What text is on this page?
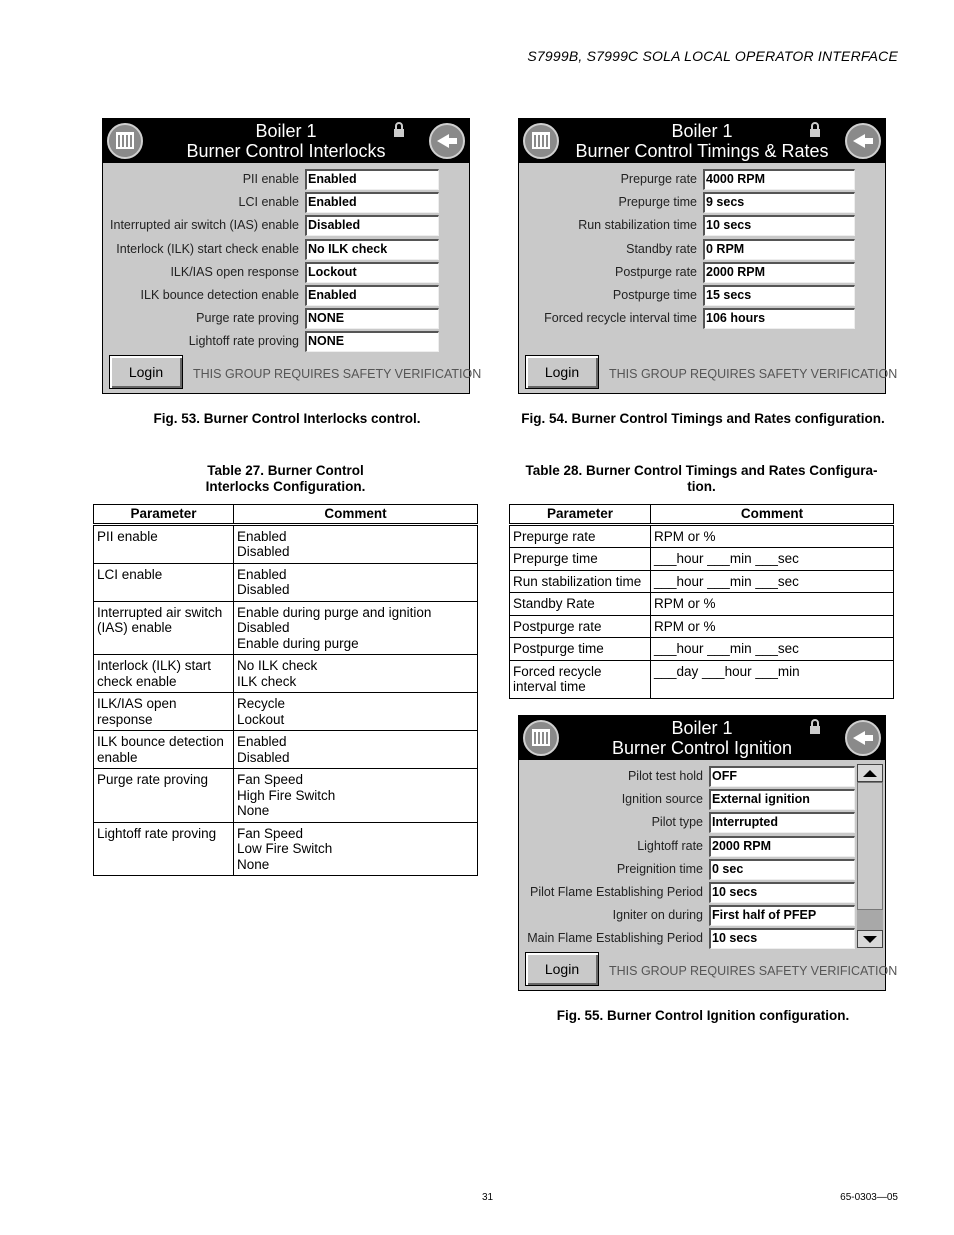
S7999B, S7999C SOLA LOCAL OPERATOR INTERFACE
Boiler 1
Burner Control Interlocks
PII enable Enabled
LCI enable Enabled
Interrupted air switch (IAS) enable Disabled
Interlock (ILK) start check enable No ILK check
ILK/IAS open response Lockout
ILK bounce detection enable Enabled
Purge rate proving NONE
Lightoff rate proving NONE
Login	THIS GROUP REQUIRES SAFETY VERIFICATION
Fig. 53. Burner Control Interlocks control.
Boiler 1
Burner Control Timings & Rates
Prepurge rate 4000 RPM
Prepurge time 9 secs
Run stabilization time 10 secs
Standby rate 0 RPM
Postpurge rate 2000 RPM
Postpurge time 15 secs
Forced recycle interval time 106 hours
Login	THIS GROUP REQUIRES SAFETY VERIFICATION
Fig. 54. Burner Control Timings and Rates configuration.
Table 27. Burner Control
Interlocks Configuration.
Parameter	Comment
PII enable	Enabled
Disabled

LCI enable	Enabled
Disabled

Interrupted air switch (IAS) enable	Enable during purge and ignition
Disabled
Enable during purge

Interlock (ILK) start check enable	No ILK check
ILK check

ILK/IAS open response	Recycle
Lockout

ILK bounce detection enable	Enabled
Disabled

Purge rate proving	Fan Speed
High Fire Switch
None

Lightoff rate proving	Fan Speed
Low Fire Switch
None
Table 28. Burner Control Timings and Rates Configura-
tion.
Parameter	Comment
Prepurge rate	RPM or %

Prepurge time	___hour ___min ___sec

Run stabilization time	___hour ___min ___sec

Standby Rate	RPM or %

Postpurge rate	RPM or %

Postpurge time	___hour ___min ___sec

Forced recycle interval time	___day ___hour ___min
Boiler 1
Burner Control Ignition
Pilot test hold OFF
Ignition source External ignition
Pilot type Interrupted
Lightoff rate 2000 RPM
Preignition time 0 sec
Pilot Flame Establishing Period 10 secs
Igniter on during First half of PFEP
Main Flame Establishing Period 10 secs
Login	THIS GROUP REQUIRES SAFETY VERIFICATION
Fig. 55. Burner Control Ignition configuration.
31	65-0303—05
